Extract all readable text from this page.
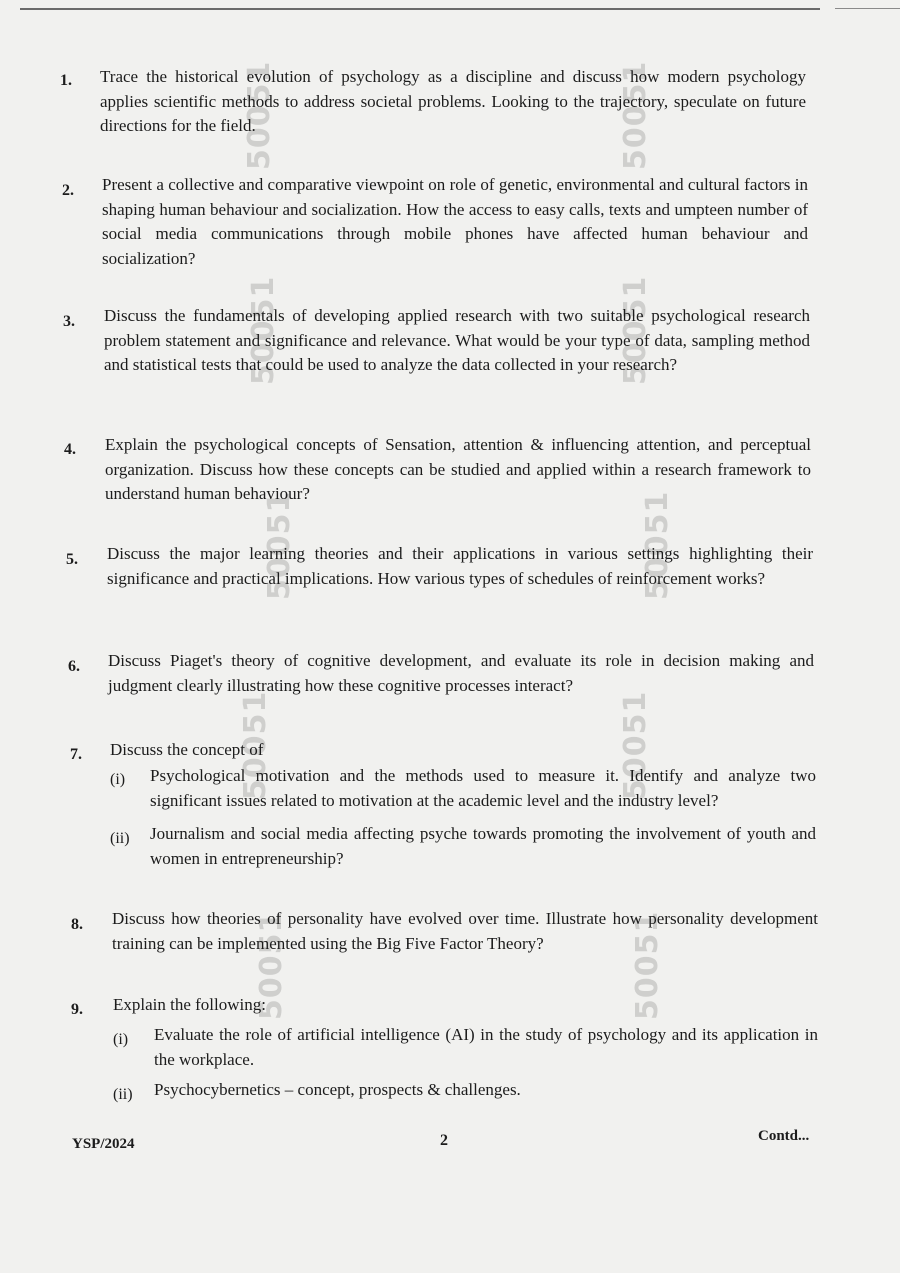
50051	50051
50051	50051
50051	50051
50051	50051
50051	50051
1. Trace the historical evolution of psychology as a discipline and discuss how modern psychology applies scientific methods to address societal problems. Looking to the trajectory, speculate on future directions for the field.
2. Present a collective and comparative viewpoint on role of genetic, environmental and cultural factors in shaping human behaviour and socialization. How the access to easy calls, texts and umpteen number of social media communications through mobile phones have affected human behaviour and socialization?
3. Discuss the fundamentals of developing applied research with two suitable psychological research problem statement and significance and relevance. What would be your type of data, sampling method and statistical tests that could be used to analyze the data collected in your research?
4. Explain the psychological concepts of Sensation, attention & influencing attention, and perceptual organization. Discuss how these concepts can be studied and applied within a research framework to understand human behaviour?
5. Discuss the major learning theories and their applications in various settings highlighting their significance and practical implications. How various types of schedules of reinforcement works?
6. Discuss Piaget's theory of cognitive development, and evaluate its role in decision making and judgment clearly illustrating how these cognitive processes interact?
7. Discuss the concept of
(i) Psychological motivation and the methods used to measure it. Identify and analyze two significant issues related to motivation at the academic level and the industry level?
(ii) Journalism and social media affecting psyche towards promoting the involvement of youth and women in entrepreneurship?
8. Discuss how theories of personality have evolved over time. Illustrate how personality development training can be implemented using the Big Five Factor Theory?
9. Explain the following:
(i) Evaluate the role of artificial intelligence (AI) in the study of psychology and its application in the workplace.
(ii) Psychocybernetics – concept, prospects & challenges.
YSP/2024	2	Contd...
